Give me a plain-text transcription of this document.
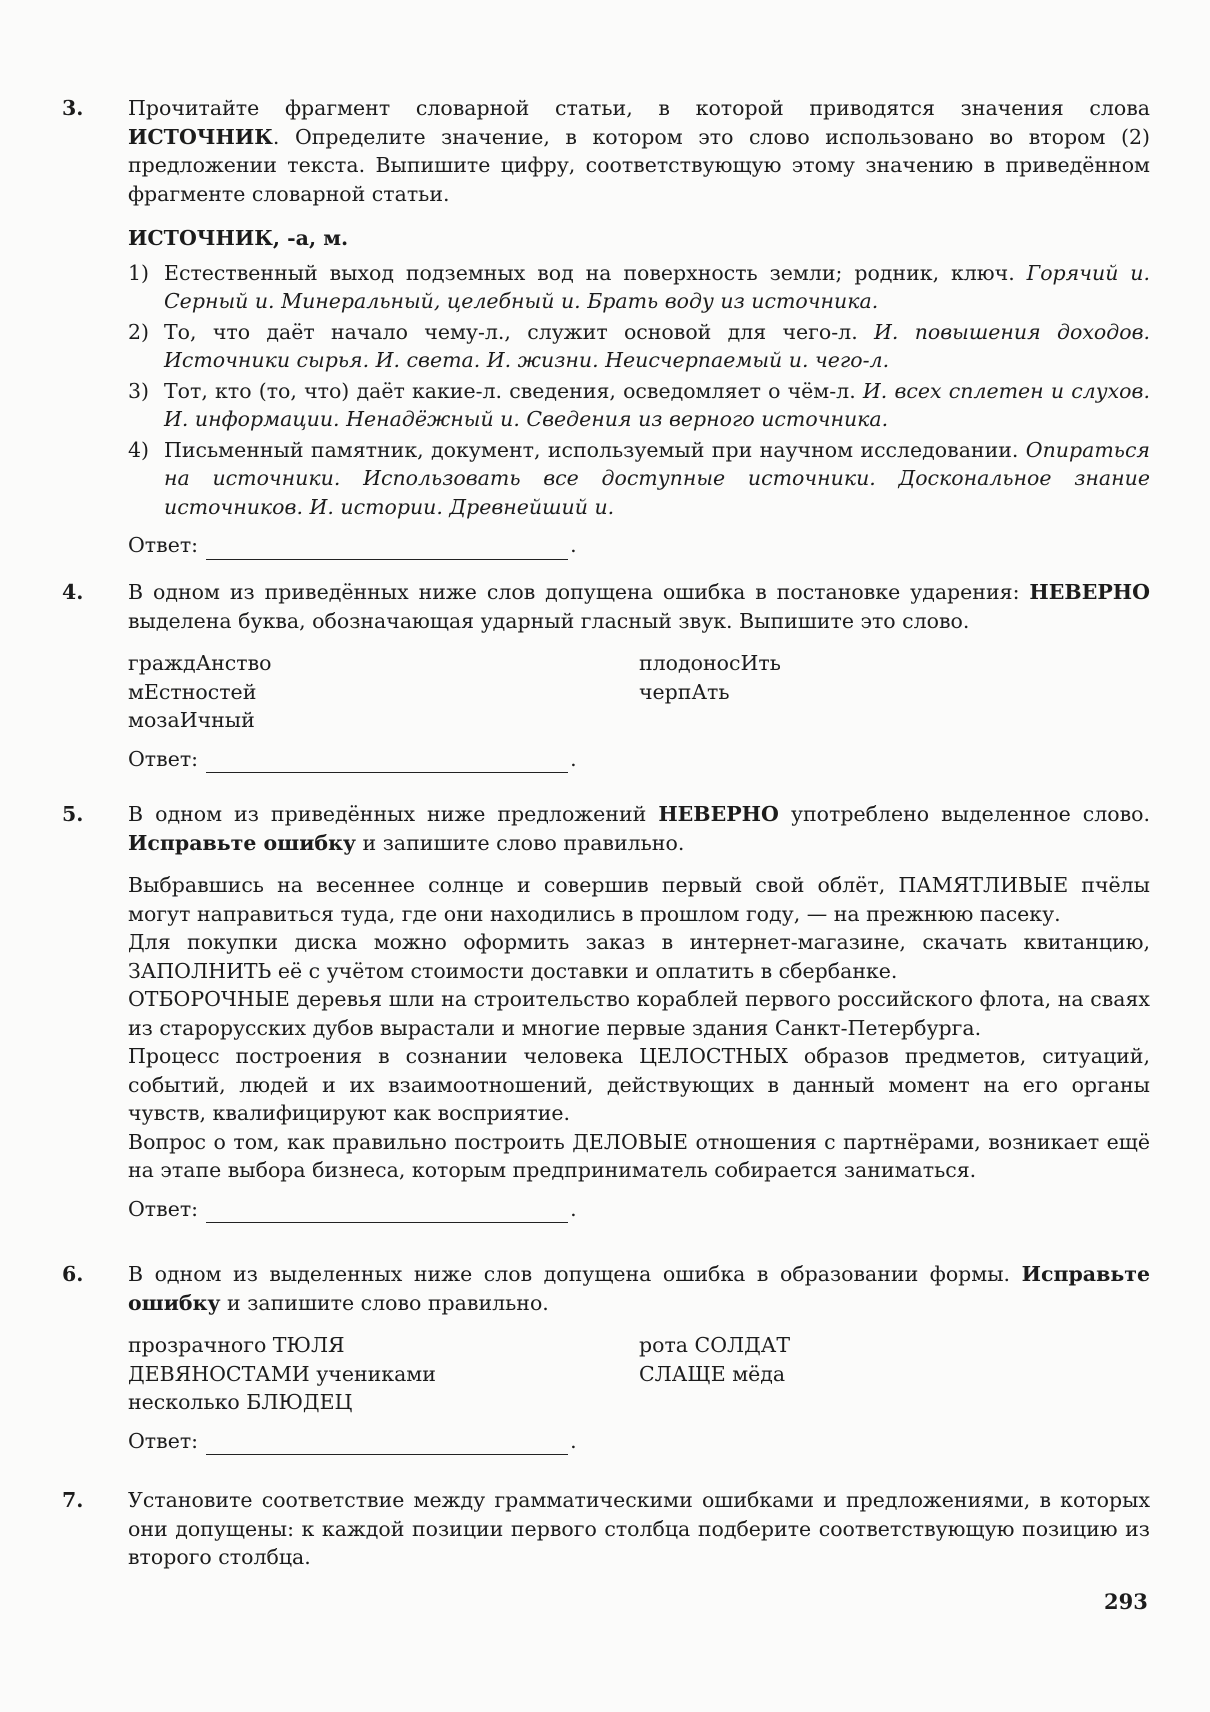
3. Прочитайте фрагмент словарной статьи, в которой приводятся значения слова ИСТОЧНИК. Определите значение, в котором это слово использовано во втором (2) предложении текста. Выпишите цифру, соответствующую этому значению в приведённом фрагменте словарной статьи.

ИСТОЧНИК, -а, м.

1) Естественный выход подземных вод на поверхность земли; родник, ключ. Горячий и. Серный и. Минеральный, целебный и. Брать воду из источника.
2) То, что даёт начало чему-л., служит основой для чего-л. И. повышения доходов. Источники сырья. И. света. И. жизни. Неисчерпаемый и. чего-л.
3) Тот, кто (то, что) даёт какие-л. сведения, осведомляет о чём-л. И. всех сплетен и слухов. И. информации. Ненадёжный и. Сведения из верного источника.
4) Письменный памятник, документ, используемый при научном исследовании. Опираться на источники. Использовать все доступные источники. Доскональное знание источников. И. истории. Древнейший и.
Ответ:	.
4. В одном из приведённых ниже слов допущена ошибка в постановке ударения: НЕВЕРНО выделена буква, обозначающая ударный гласный звук. Выпишите это слово.

граждАнство
мЕстностей
мозаИчный
плодоносИть
черпАть
Ответ:	.
5. В одном из приведённых ниже предложений НЕВЕРНО употреблено выделенное слово. Исправьте ошибку и запишите слово правильно.

Выбравшись на весеннее солнце и совершив первый свой облёт, ПАМЯТЛИВЫЕ пчёлы могут направиться туда, где они находились в прошлом году, — на прежнюю пасеку.

Для покупки диска можно оформить заказ в интернет-магазине, скачать квитанцию, ЗАПОЛНИТЬ её с учётом стоимости доставки и оплатить в сбербанке.

ОТБОРОЧНЫЕ деревья шли на строительство кораблей первого российского флота, на сваях из старорусских дубов вырастали и многие первые здания Санкт-Петербурга.

Процесс построения в сознании человека ЦЕЛОСТНЫХ образов предметов, ситуаций, событий, людей и их взаимоотношений, действующих в данный момент на его органы чувств, квалифицируют как восприятие.

Вопрос о том, как правильно построить ДЕЛОВЫЕ отношения с партнёрами, возникает ещё на этапе выбора бизнеса, которым предприниматель собирается заниматься.

Ответ:	.
6. В одном из выделенных ниже слов допущена ошибка в образовании формы. Исправьте ошибку и запишите слово правильно.

прозрачного ТЮЛЯ
ДЕВЯНОСТАМИ учениками
несколько БЛЮДЕЦ
рота СОЛДАТ
СЛАЩЕ мёда
Ответ:	.
7. Установите соответствие между грамматическими ошибками и предложениями, в которых они допущены: к каждой позиции первого столбца подберите соответствующую позицию из второго столбца.

293
